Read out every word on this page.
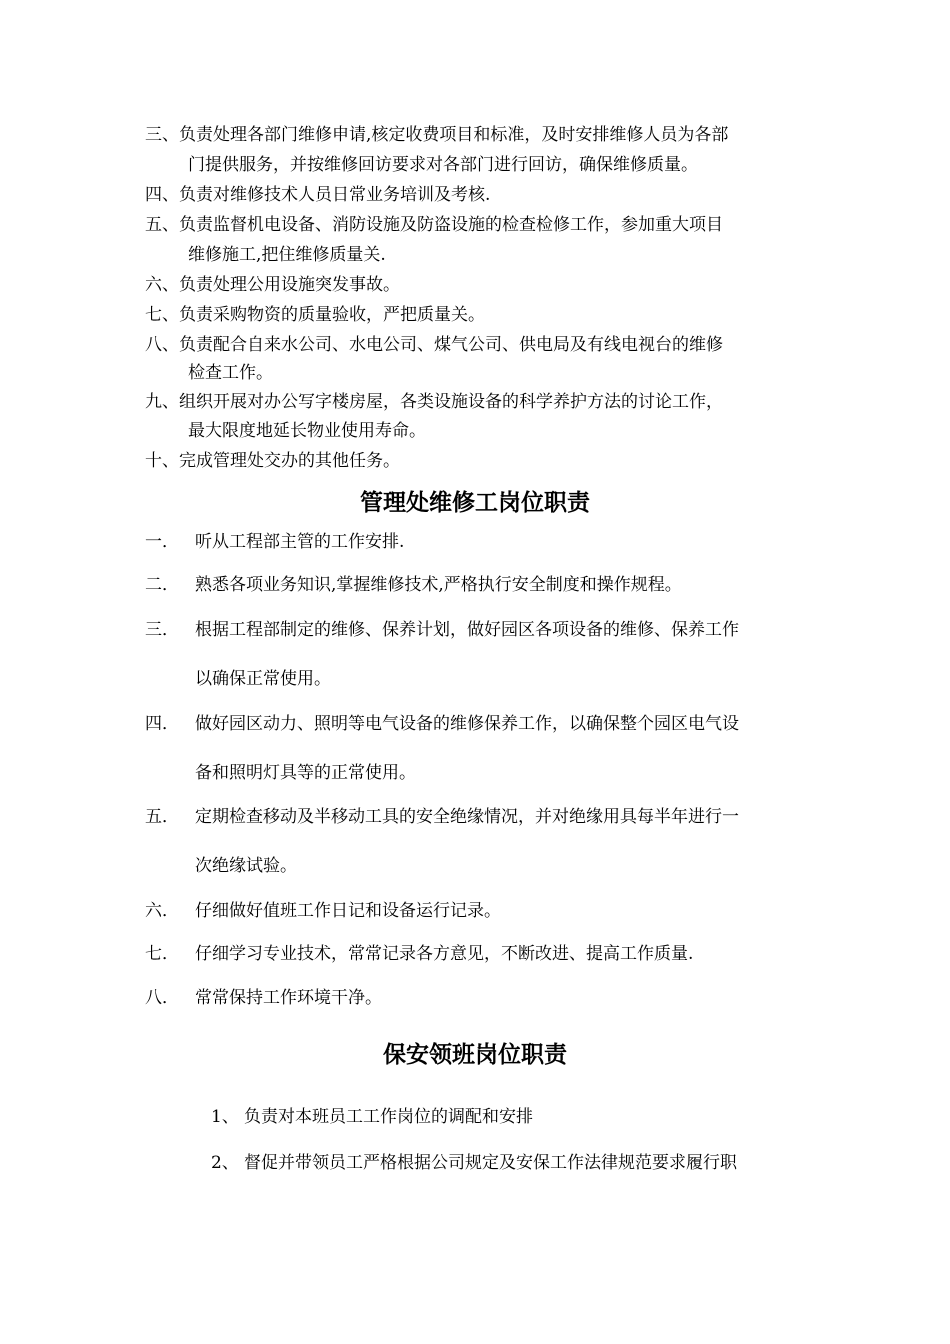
三、负责处理各部门维修申请,核定收费项目和标准，及时安排维修人员为各部
门提供服务，并按维修回访要求对各部门进行回访，确保维修质量。
四、负责对维修技术人员日常业务培训及考核.
五、负责监督机电设备、消防设施及防盗设施的检查检修工作，参加重大项目
维修施工,把住维修质量关.
六、负责处理公用设施突发事故。
七、负责采购物资的质量验收，严把质量关。
八、负责配合自来水公司、水电公司、煤气公司、供电局及有线电视台的维修
检查工作。
九、组织开展对办公写字楼房屋，各类设施设备的科学养护方法的讨论工作，
最大限度地延长物业使用寿命。
十、完成管理处交办的其他任务。
管理处维修工岗位职责
一． 听从工程部主管的工作安排.
二． 熟悉各项业务知识,掌握维修技术,严格执行安全制度和操作规程。
三． 根据工程部制定的维修、保养计划，做好园区各项设备的维修、保养工作
以确保正常使用。
四． 做好园区动力、照明等电气设备的维修保养工作，以确保整个园区电气设
备和照明灯具等的正常使用。
五． 定期检查移动及半移动工具的安全绝缘情况，并对绝缘用具每半年进行一
次绝缘试验。
六． 仔细做好值班工作日记和设备运行记录。
七． 仔细学习专业技术，常常记录各方意见，不断改进、提高工作质量.
八． 常常保持工作环境干净。
保安领班岗位职责
1、 负责对本班员工工作岗位的调配和安排
2、 督促并带领员工严格根据公司规定及安保工作法律规范要求履行职
